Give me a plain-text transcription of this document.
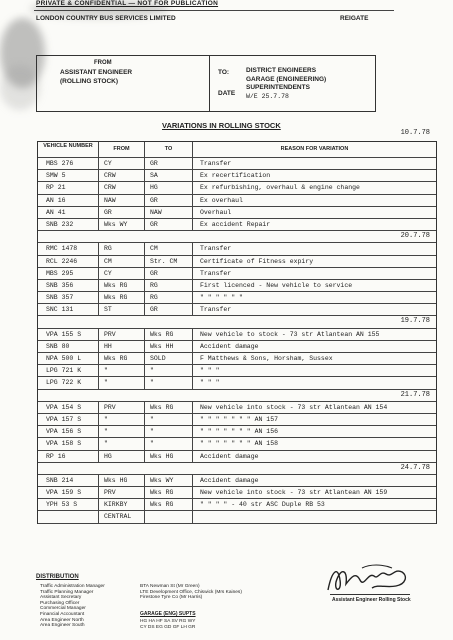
PRIVATE & CONFIDENTIAL — NOT FOR PUBLICATION
LONDON COUNTRY BUS SERVICES LIMITED	REIGATE
FROM
ASSISTANT ENGINEER
(ROLLING STOCK)
TO:	DISTRICT ENGINEERS
GARAGE (ENGINEERING)
SUPERINTENDENTS
DATE W/E 25.7.78
VARIATIONS IN ROLLING STOCK
VEHICLE NUMBER	FROM	TO	REASON FOR VARIATION
10.7.78
MBS 276	CY	GR	Transfer
SMW 5	CRW	SA	Ex recertification
RP 21	CRW	HG	Ex refurbishing, overhaul & engine change
AN 16	NAW	GR	Ex overhaul
AN 41	GR	NAW	Overhaul
SNB 232	Wks WY	GR	Ex accident Repair
20.7.78
RMC 1478	RG	CM	Transfer
RCL 2246	CM	Str. CM	Certificate of Fitness expiry
MBS 295	CY	GR	Transfer
SNB 356	Wks RG	RG	First licenced - New vehicle to service
SNB 357	Wks RG	RG	" " " " " "
SNC 131	ST	GR	Transfer
19.7.78
VPA 155 S	PRV	Wks RG	New vehicle to stock - 73 str Atlantean AN 155
SNB 80	HH	Wks HH	Accident damage
NPA 500 L	Wks RG	SOLD	F Matthews & Sons, Horsham, Sussex
LPG 721 K	"	"	" " "
LPG 722 K	"	"	" " "
21.7.78
VPA 154 S	PRV	Wks RG	New vehicle into stock - 73 str Atlantean AN 154
VPA 157 S	"	"	" " " " " " " AN 157
VPA 156 S	"	"	" " " " " " " AN 156
VPA 158 S	"	"	" " " " " " " AN 158
RP 16	HG	Wks HG	Accident damage
24.7.78
SNB 214	Wks HG	Wks WY	Accident damage
VPA 159 S	PRV	Wks RG	New vehicle into stock - 73 str Atlantean AN 159
YPH 53 S	KIRKBY	Wks RG	" " " " - 40 str ASC Duple RB 53
CENTRAL
DISTRIBUTION
Traffic Administration Manager
Traffic Planning Manager
Assistant Secretary
Purchasing Officer
Commercial Manager
Financial Accountant
Area Engineer North
Area Engineer South
BTA Newman St (Mr Green)
LTE Development Office, Chiswick (Mrs Kaines)
Firestone Tyre Co (Mr Harris)
GARAGE (ENG) SUPTS
HG HA HF SA SV RG WY
CY DS EG GD GF LH GR
Assistant Engineer Rolling Stock
